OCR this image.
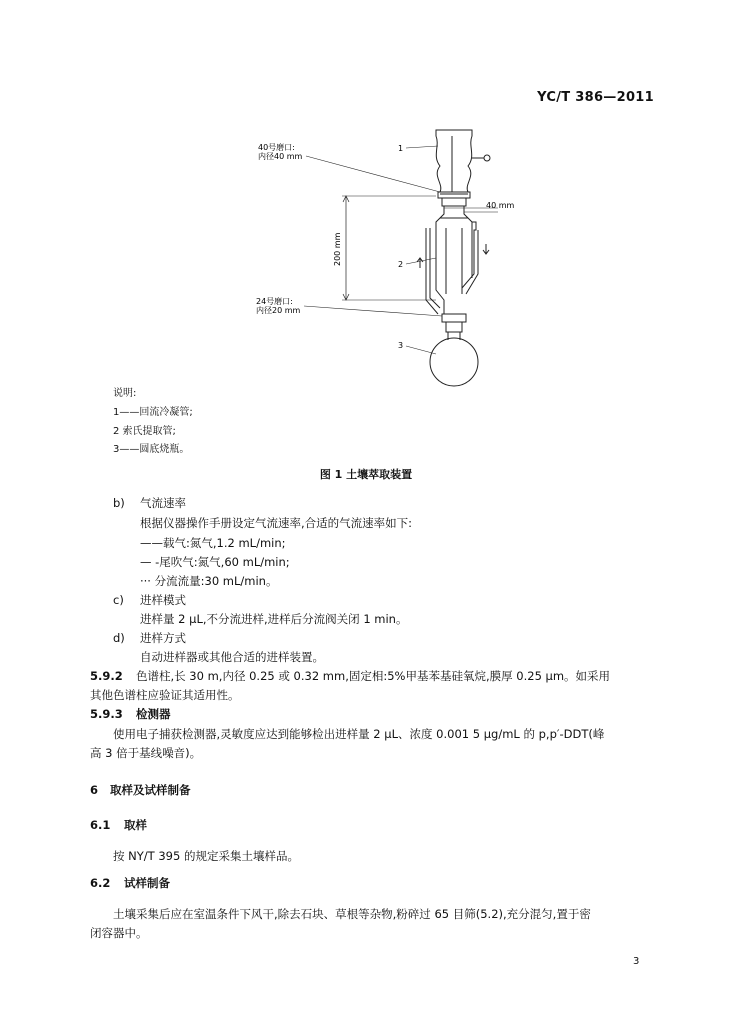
YC/T 386—2011
40号磨口:
内径40 mm
24号磨口:
内径20 mm
200 mm
40 mm
1
2
3
说明:
1——回流冷凝管;
2 索氏提取管;
3——圆底烧瓶。
图 1 土壤萃取装置
b) 气流速率
根据仪器操作手册设定气流速率,合适的气流速率如下:
——载气:氮气,1.2 mL/min;
— -尾吹气:氮气,60 mL/min;
··· 分流流量:30 mL/min。
c) 进样模式
进样量 2 μL,不分流进样,进样后分流阀关闭 1 min。
d) 进样方式
自动进样器或其他合适的进样装置。
5.9.2 色谱柱,长 30 m,内径 0.25 或 0.32 mm,固定相:5%甲基苯基硅氧烷,膜厚 0.25 μm。如采用
其他色谱柱应验证其适用性。
5.9.3 检测器
使用电子捕获检测器,灵敏度应达到能够检出进样量 2 μL、浓度 0.001 5 μg/mL 的 p,p′-DDT(峰
高 3 倍于基线噪音)。
6 取样及试样制备
6.1 取样
按 NY/T 395 的规定采集土壤样品。
6.2 试样制备
土壤采集后应在室温条件下风干,除去石块、草根等杂物,粉碎过 65 目筛(5.2),充分混匀,置于密
闭容器中。
3
